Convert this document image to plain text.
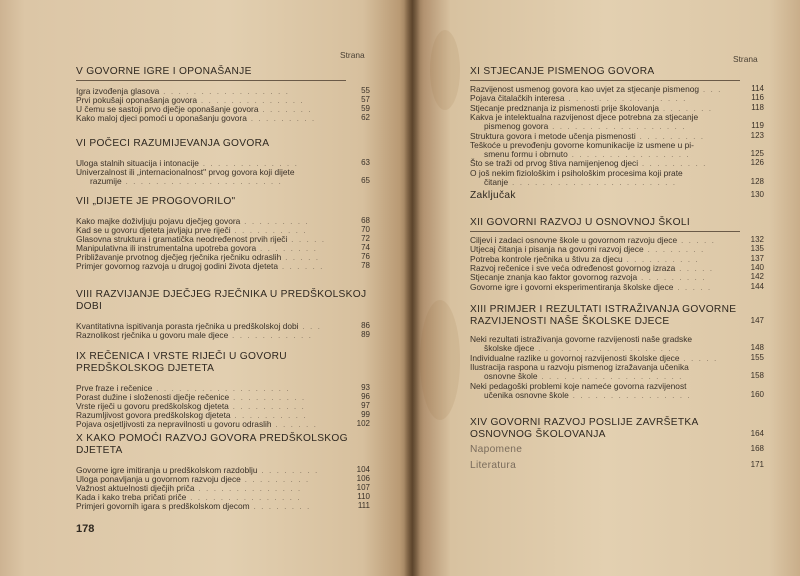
Strana
V GOVORNE IGRE I OPONAŠANJE
Igra izvođenja glasova . . . . . . . . . . . . . . . . .	55
Prvi pokušaji oponašanja govora . . . . . . . . . . . . . .	57
U čemu se sastoji prvo dječje oponašanje govora . . . . . . .	59
Kako maloj djeci pomoći u oponašanju govora . . . . . . . . .	62
VI POČECI RAZUMIJEVANJA GOVORA
Uloga stalnih situacija i intonacije . . . . . . . . . . . . .	63
Univerzalnost ili „internacionalnost" prvog govora koji dijete
razumije . . . . . . . . . . . . . . . . . . . . .	65
VII „DIJETE JE PROGOVORILO"
Kako majke doživljuju pojavu dječjeg govora . . . . . . . . .	68
Kad se u govoru djeteta javljaju prve riječi . . . . . . . . . .	70
Glasovna struktura i gramatička neodređenost prvih riječi . . . . .	72
Manipulativna ili instrumentalna upotreba govora . . . . . . . .	74
Približavanje prvotnog dječjeg rječnika rječniku odraslih . . . . .	76
Primjer govornog razvoja u drugoj godini života djeteta . . . . . .	78
VIII RAZVIJANJE DJEČJEG RJEČNIKA U PREDŠKOLSKOJ
DOBI
Kvantitativna ispitivanja porasta rječnika u predškolskoj dobi . . .	86
Raznolikost rječnika u govoru male djece . . . . . . . . . . .	89
IX REČENICA I VRSTE RIJEČI U GOVORU
PREDŠKOLSKOG DJETETA
Prve fraze i rečenice . . . . . . . . . . . . . . . . . .	93
Porast dužine i složenosti dječje rečenice . . . . . . . . . .	96
Vrste riječi u govoru predškolskog djeteta . . . . . . . . . .	97
Razumljivost govora predškolskog djeteta . . . . . . . . . .	99
Pojava osjetljivosti za nepravilnosti u govoru odraslih . . . . . .	102
X KAKO POMOĆI RAZVOJ GOVORA PREDŠKOLSKOG
DJETETA
Govorne igre imitiranja u predškolskom razdoblju . . . . . . . .	104
Uloga ponavljanja u govornom razvoju djece . . . . . . . . .	106
Važnost aktuelnosti dječjih priča . . . . . . . . . . . . . .	107
Kada i kako treba pričati priče . . . . . . . . . . . . . . .	110
Primjeri govornih igara s predškolskom djecom . . . . . . . .	111
Strana
XI STJECANJE PISMENOG GOVORA
Razvijenost usmenog govora kao uvjet za stjecanje pismenog . . .	114
Pojava čitalačkih interesa . . . . . . . . . . . . . . . .	116
Stjecanje predznanja iz pismenosti prije školovanja . . . . . . .	118
Kakva je intelektualna razvijenost djece potrebna za stjecanje
pismenog govora . . . . . . . . . . . . . . . . . .	119
Struktura govora i metode učenja pismenosti . . . . . . . . .	123
Teškoće u prevođenju govorne komunikacije iz usmene u pi-
smenu formu i obrnuto . . . . . . . . . . . . . . . .	125
Što se traži od prvog štiva namijenjenog djeci . . . . . . . . .	126
O još nekim fiziološkim i psihološkim procesima koji prate
čitanje . . . . . . . . . . . . . . . . . . . . . .	128
Zaključak	130
XII GOVORNI RAZVOJ U OSNOVNOJ ŠKOLI
Ciljevi i zadaci osnovne škole u govornom razvoju djece . . . . .	132
Utjecaj čitanja i pisanja na govorni razvoj djece . . . . . . . .	135
Potreba kontrole rječnika u štivu za djecu . . . . . . . . . .	137
Razvoj rečenice i sve veća određenost govornog izraza . . . . .	140
Stjecanje znanja kao faktor govornog razvoja . . . . . . . . .	142
Govorne igre i govorni eksperimentiranja školske djece . . . . .	144
XIII PRIMJER I REZULTATI ISTRAŽIVANJA GOVORNE
RAZVIJENOSTI NAŠE ŠKOLSKE DJECE	147
Neki rezultati istraživanja govorne razvijenosti naše gradske
školske djece . . . . . . . . . . . . . . . . . . .	148
Individualne razlike u govornoj razvijenosti školske djece . . . . .	155
Ilustracija raspona u razvoju pismenog izražavanja učenika
osnovne škole . . . . . . . . . . . . . . . . . . .	158
Neki pedagoški problemi koje nameće govorna razvijenost
učenika osnovne škole . . . . . . . . . . . . . . . .	160
XIV GOVORNI RAZVOJ POSLIJE ZAVRŠETKA
OSNOVNOG ŠKOLOVANJA	164
Napomene	168
Literatura	171
178
